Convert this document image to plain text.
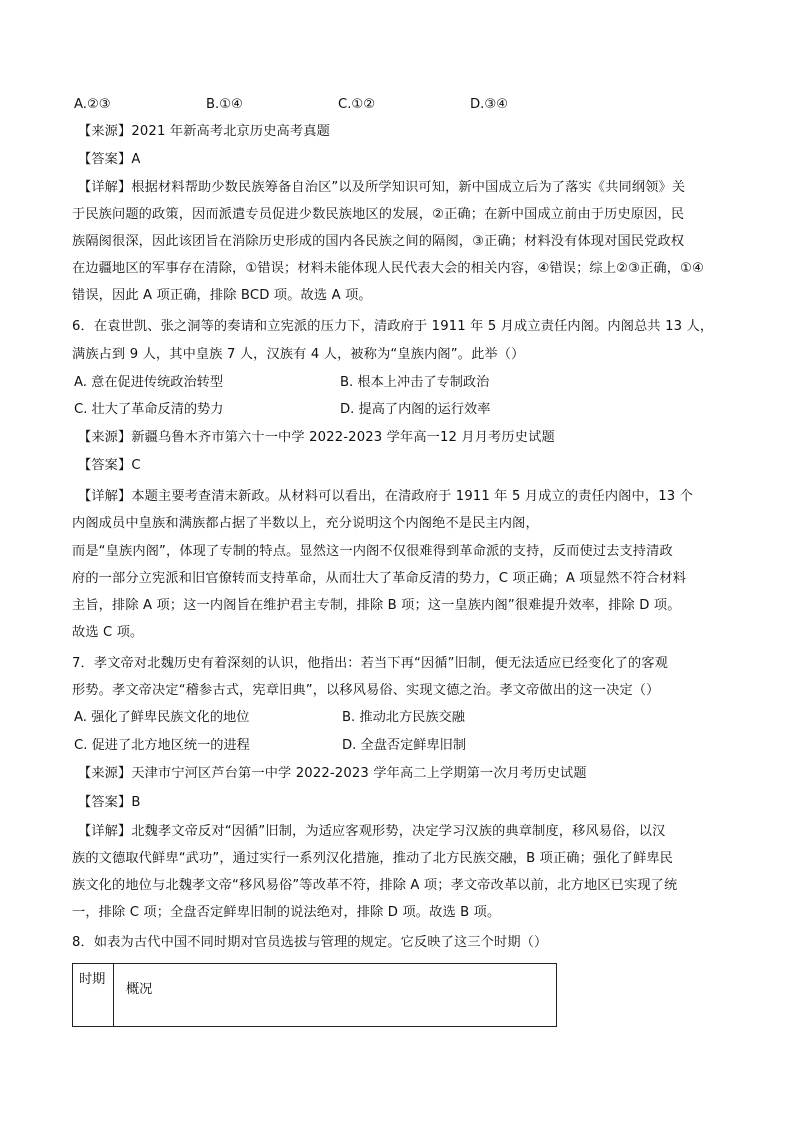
A.②③	B.①④	C.①②	D.③④
【来源】2021 年新高考北京历史高考真题
【答案】A
【详解】根据材料帮助少数民族筹备自治区”以及所学知识可知，新中国成立后为了落实《共同纲领》关
于民族问题的政策，因而派遣专员促进少数民族地区的发展，②正确；在新中国成立前由于历史原因，民
族隔阂很深，因此该团旨在消除历史形成的国内各民族之间的隔阂，③正确；材料没有体现对国民党政权
在边疆地区的军事存在清除，①错误；材料未能体现人民代表大会的相关内容，④错误；综上②③正确，①④
错误，因此 A 项正确，排除 BCD 项。故选 A 项。
6．在袁世凯、张之洞等的奏请和立宪派的压力下，清政府于 1911 年 5 月成立责任内阁。内阁总共 13 人，
满族占到 9 人，其中皇族 7 人，汉族有 4 人，被称为“皇族内阁”。此举（）
A. 意在促进传统政治转型	B. 根本上冲击了专制政治
C. 壮大了革命反清的势力	D. 提高了内阁的运行效率
【来源】新疆乌鲁木齐市第六十一中学 2022-2023 学年高一12 月月考历史试题
【答案】C
【详解】本题主要考查清末新政。从材料可以看出，在清政府于 1911 年 5 月成立的责任内阁中，13 个
内阁成员中皇族和满族都占据了半数以上，充分说明这个内阁绝不是民主内阁，
而是“皇族内阁”，体现了专制的特点。显然这一内阁不仅很难得到革命派的支持，反而使过去支持清政
府的一部分立宪派和旧官僚转而支持革命，从而壮大了革命反清的势力，C 项正确；A 项显然不符合材料
主旨，排除 A 项；这一内阁旨在维护君主专制，排除 B 项；这一皇族内阁”很难提升效率，排除 D 项。
故选 C 项。
7．孝文帝对北魏历史有着深刻的认识，他指出：若当下再“因循”旧制，便无法适应已经变化了的客观
形势。孝文帝决定“稽参古式，宪章旧典”，以移风易俗、实现文德之治。孝文帝做出的这一决定（）
A. 强化了鲜卑民族文化的地位	B. 推动北方民族交融
C. 促进了北方地区统一的进程	D. 全盘否定鲜卑旧制
【来源】天津市宁河区芦台第一中学 2022-2023 学年高二上学期第一次月考历史试题
【答案】B
【详解】北魏孝文帝反对“因循”旧制，为适应客观形势，决定学习汉族的典章制度，移风易俗，以汉
族的文德取代鲜卑“武功”，通过实行一系列汉化措施，推动了北方民族交融，B 项正确；强化了鲜卑民
族文化的地位与北魏孝文帝“移风易俗”等改革不符，排除 A 项；孝文帝改革以前，北方地区已实现了统
一，排除 C 项；全盘否定鲜卑旧制的说法绝对，排除 D 项。故选 B 项。
8．如表为古代中国不同时期对官员选拔与管理的规定。它反映了这三个时期（）
时期	概况
